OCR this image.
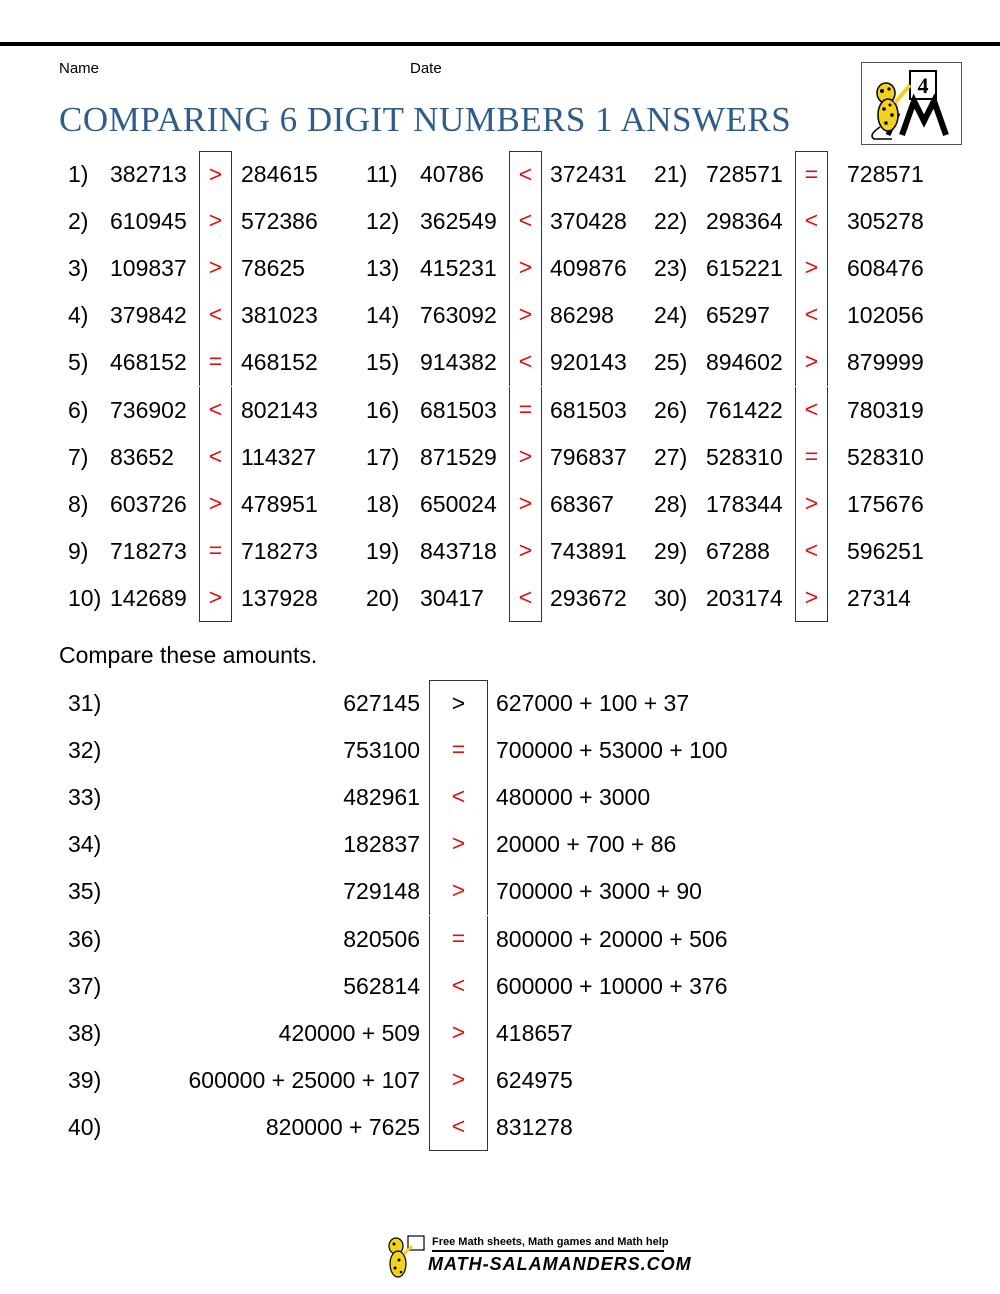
Name	Date
COMPARING 6 DIGIT NUMBERS 1 ANSWERS
4
1) 382713 > 284615
2) 610945 > 572386
3) 109837 > 78625
4) 379842 < 381023
5) 468152 = 468152
6) 736902 < 802143
7) 83652	< 114327
8) 603726 > 478951
9) 718273 = 718273
10) 142689 > 137928
11) 40786	< 372431
12) 362549 < 370428
13) 415231 > 409876
14) 763092 > 86298
15) 914382 < 920143
16) 681503 = 681503
17) 871529 > 796837
18) 650024 > 68367
19) 843718 > 743891
20) 30417	< 293672
21) 728571 =	728571
22) 298364 <	305278
23) 615221 >	608476
24) 65297	<	102056
25) 894602 >	879999
26) 761422 <	780319
27) 528310 =	528310
28) 178344 >	175676
29) 67288	<	596251
30) 203174 >	27314
Compare these amounts.
31)	627145	>	627000 + 100 + 37
32)	753100	=	700000 + 53000 + 100
33)	482961	<	480000 + 3000
34)	182837	>	20000 + 700 + 86
35)	729148	>	700000 + 3000 + 90
36)	820506	=	800000 + 20000 + 506
37)	562814	<	600000 + 10000 + 376
38)	420000 + 509	>	418657
39)	600000 + 25000 + 107	>	624975
40)	820000 + 7625	<	831278
Free Math sheets, Math games and Math help
MATH-SALAMANDERS.COM
